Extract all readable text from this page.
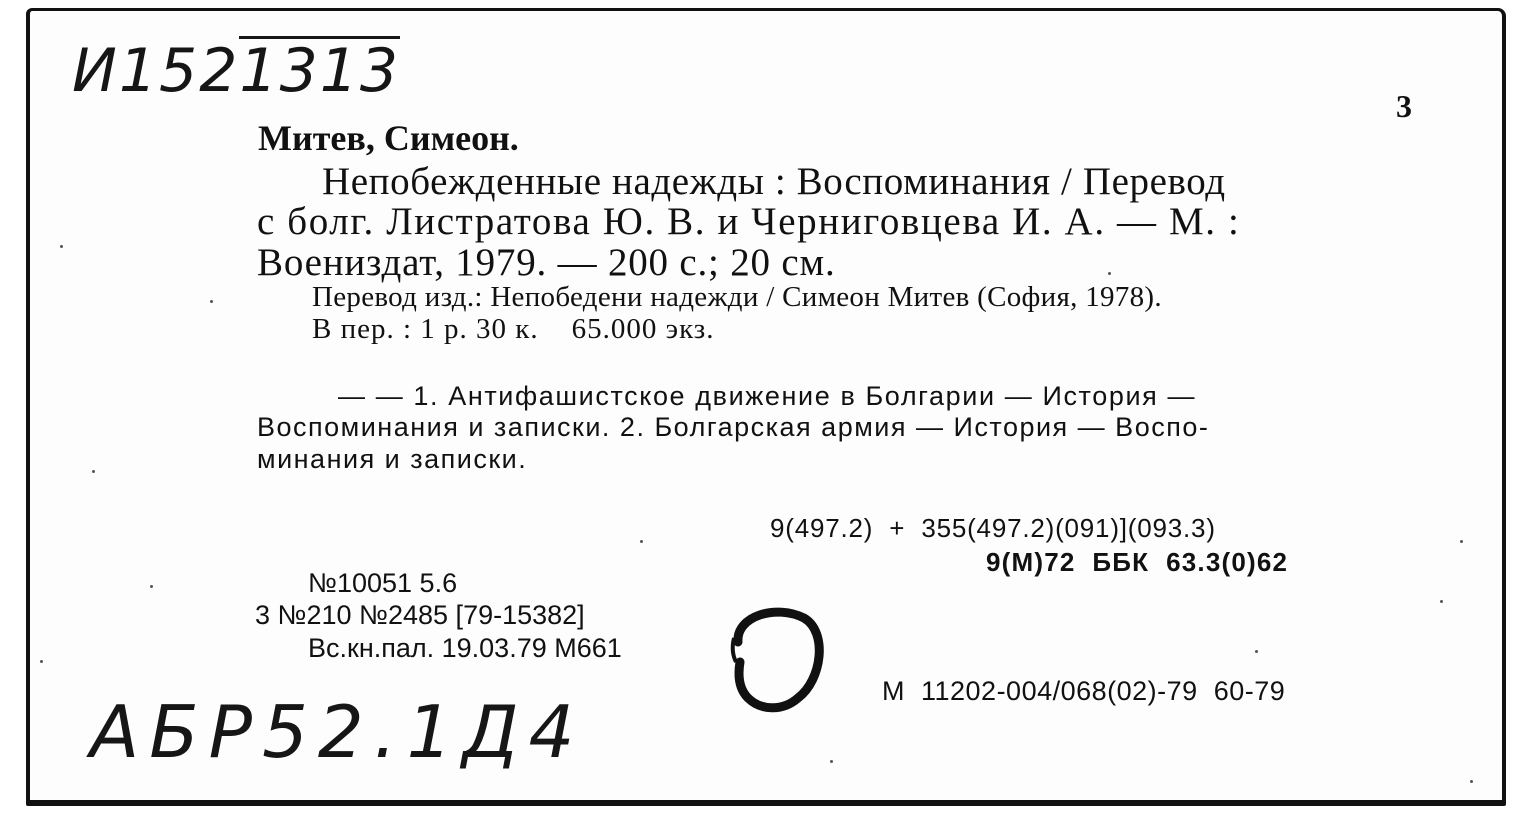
И1521313	3
Митев, Симеон.
Непобежденные надежды : Воспоминания / Перевод
с болг. Листратова Ю. В. и Черниговцева И. А. — М. :
Воениздат, 1979. — 200 с.; 20 см.
Перевод изд.: Непобедени надежди / Симеон Митев (София, 1978).
В пер. : 1 р. 30 к.    65.000 экз.
— — 1. Антифашистское движение в Болгарии — История —
Воспоминания и записки. 2. Болгарская армия — История — Воспо-
минания и записки.
9(497.2)  +  355(497.2)(091)](093.3)
9(М)72  ББК  63.3(0)62
№10051 5.6
3 №210 №2485 [79-15382]
Вс.кн.пал. 19.03.79 М661
М  11202-004/068(02)-79  60-79
АБР52.1Д4
